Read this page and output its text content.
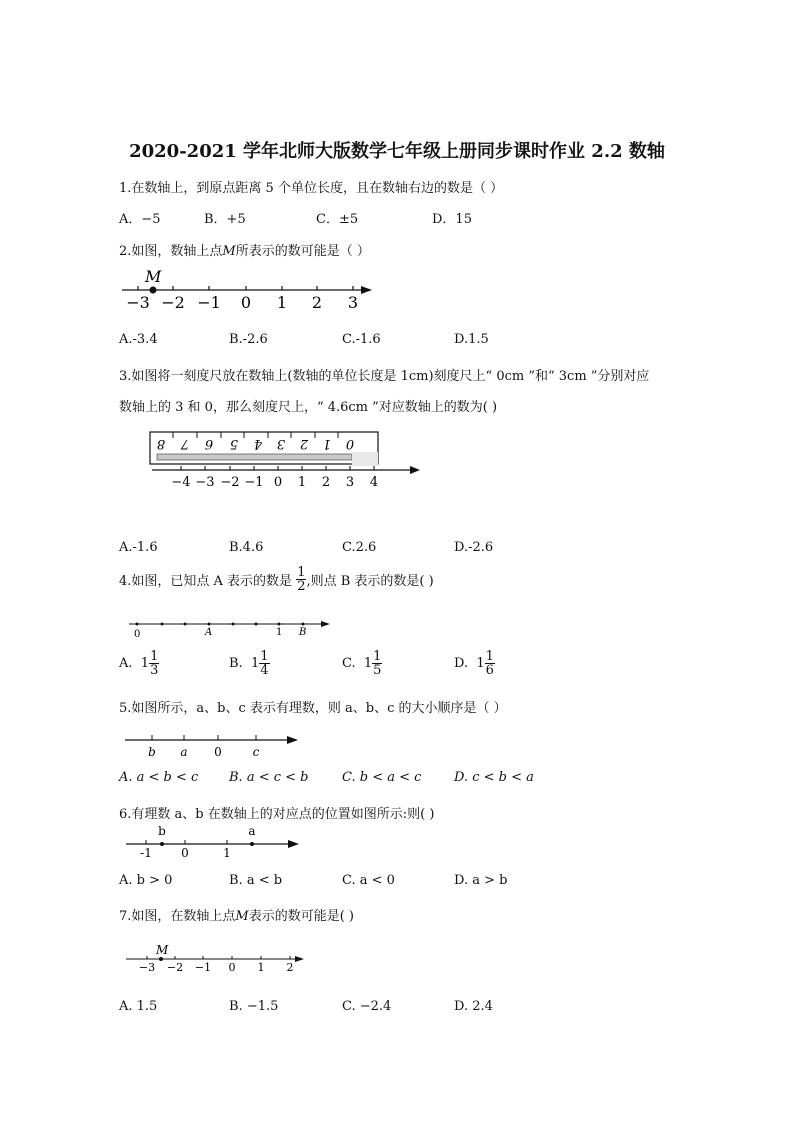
2020-2021 学年北师大版数学七年级上册同步课时作业 2.2 数轴
1.在数轴上，到原点距离 5 个单位长度，且在数轴右边的数是（ ）
A．−5	B．+5	C．±5	D．15
2.如图，数轴上点M所表示的数可能是（ ）
M
−3 −2 −1 0 1 2 3
A.-3.4	B.-2.6	C.-1.6	D.1.5
3.如图将一刻度尺放在数轴上(数轴的单位长度是 1cm)刻度尺上“ 0cm ”和“ 3cm ”分别对应
数轴上的 3 和 0，那么刻度尺上，“ 4.6cm ”对应数轴上的数为( )
8 7 6 5 4 3 2 1 0
−4 −3 −2 −1 0 1 2 3 4
A.-1.6	B.4.6	C.2.6	D.-2.6
4.如图，已知点 A 表示的数是 $\frac{1}{2}$ ,则点 B 表示的数是( )
0	A	1 B
A. $1 \frac{1}{3}$	B. $1 \frac{1}{4}$	C. $1 \frac{1}{5}$	D. $1 \frac{1}{6}$
5.如图所示，a、b、c 表示有理数，则 a、b、c 的大小顺序是（ ）
b a 0	c
A. a < b < c B. a < c < b	C. b < a < c	D. c < b < a
6.有理数 a、b 在数轴上的对应点的位置如图所示:则( )
b	a
-1 0	1
A. b > 0	B. a < b	C. a < 0	D. a > b
7.如图，在数轴上点M表示的数可能是( )
M
−3 −2 −1 0 1 2
A. 1.5	B. −1.5	C. −2.4	D. 2.4
